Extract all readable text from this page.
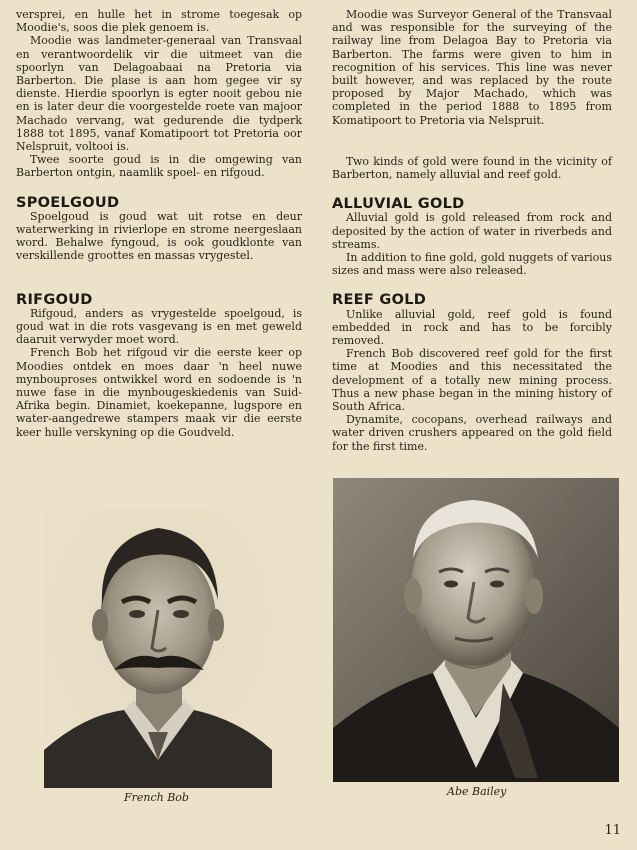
versprei, en hulle het in strome toegesak op Moodie's, soos die plek genoem is.

Moodie was landmeter-generaal van Transvaal en verantwoordelik vir die uitmeet van die spoorlyn van Delagoabaai na Pretoria via Barberton. Die plase is aan hom gegee vir sy dienste. Hierdie spoorlyn is egter nooit gebou nie en is later deur die voorgestelde roete van majoor Machado vervang, wat gedurende die tydperk 1888 tot 1895, vanaf Komatipoort tot Pretoria oor Nelspruit, voltooi is.

Twee soorte goud is in die omgewing van Barberton ontgin, naamlik spoel- en rifgoud.

SPOELGOUD

Spoelgoud is goud wat uit rotse en deur waterwerking in rivierlope en strome neergeslaan word. Behalwe fyngoud, is ook goudklonte van verskillende groottes en massas vrygestel.

RIFGOUD

Rifgoud, anders as vrygestelde spoelgoud, is goud wat in die rots vasgevang is en met geweld daaruit verwyder moet word.

French Bob het rifgoud vir die eerste keer op Moodies ontdek en moes daar 'n heel nuwe mynbouproses ontwikkel word en sodoende is 'n nuwe fase in die mynbougeskiedenis van Suid-Afrika begin. Dinamiet, koekepanne, lugspore en water-aangedrewe stampers maak vir die eerste keer hulle verskyning op die Goudveld.

Moodie was Surveyor General of the Transvaal and was responsible for the surveying of the railway line from Delagoa Bay to Pretoria via Barberton. The farms were given to him in recognition of his services. This line was never built however, and was replaced by the route proposed by Major Machado, which was completed in the period 1888 to 1895 from Komatipoort to Pretoria via Nelspruit.

Two kinds of gold were found in the vicinity of Barberton, namely alluvial and reef gold.

ALLUVIAL GOLD

Alluvial gold is gold released from rock and deposited by the action of water in riverbeds and streams.

In addition to fine gold, gold nuggets of various sizes and mass were also released.

REEF GOLD

Unlike alluvial gold, reef gold is found embedded in rock and has to be forcibly removed.

French Bob discovered reef gold for the first time at Moodies and this necessitated the development of a totally new mining process. Thus a new phase began in the mining history of South Africa.

Dynamite, cocopans, overhead railways and water driven crushers appeared on the gold field for the first time.

French Bob	Abe Bailey
11
